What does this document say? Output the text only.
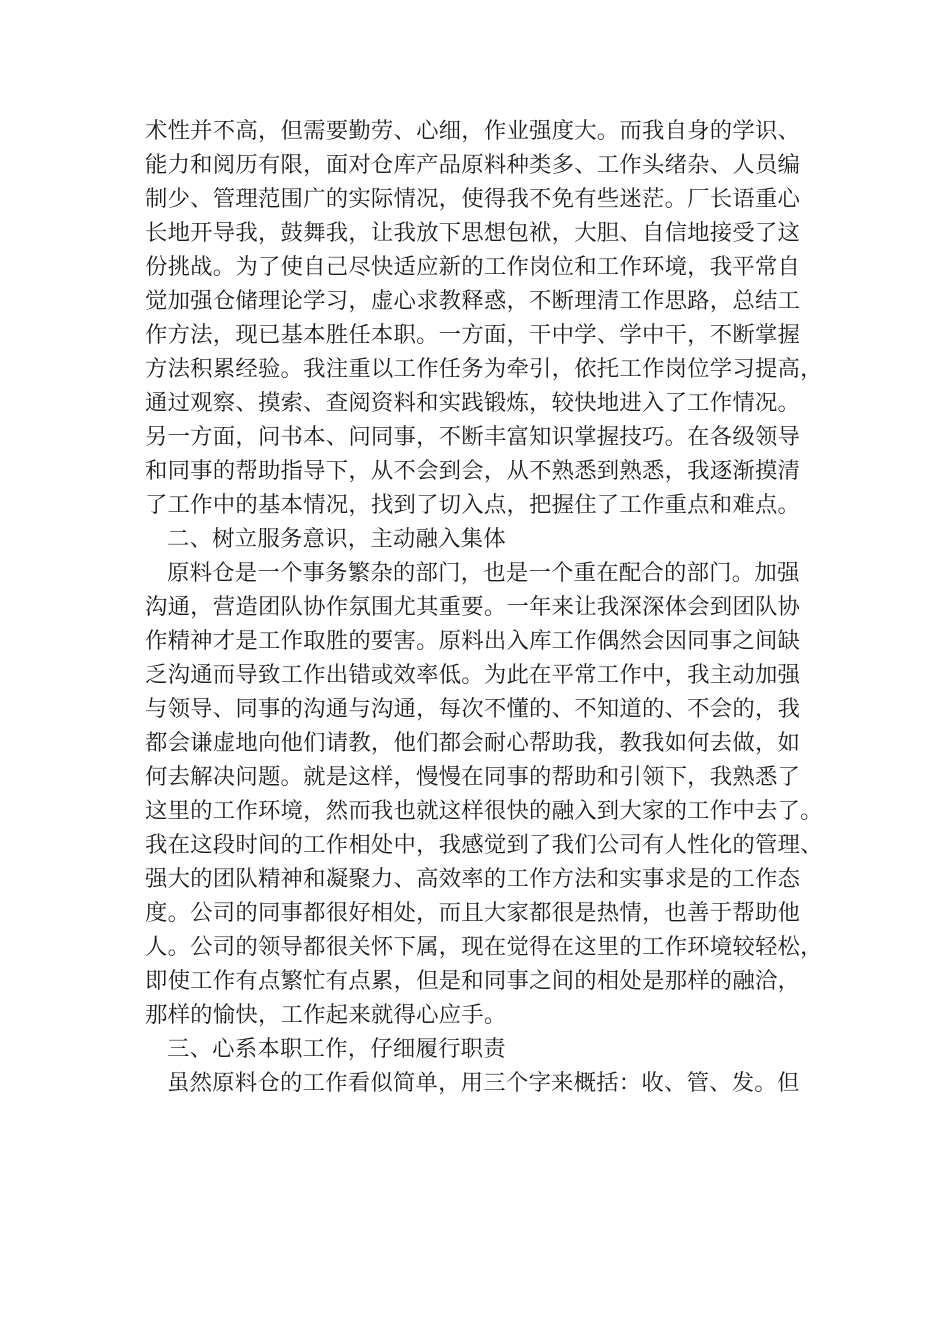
术性并不高，但需要勤劳、心细，作业强度大。而我自身的学识、
能力和阅历有限，面对仓库产品原料种类多、工作头绪杂、人员编
制少、管理范围广的实际情况，使得我不免有些迷茫。厂长语重心
长地开导我，鼓舞我，让我放下思想包袱，大胆、自信地接受了这
份挑战。为了使自己尽快适应新的工作岗位和工作环境，我平常自
觉加强仓储理论学习，虚心求教释惑，不断理清工作思路，总结工
作方法，现已基本胜任本职。一方面，干中学、学中干，不断掌握
方法积累经验。我注重以工作任务为牵引，依托工作岗位学习提高，
通过观察、摸索、查阅资料和实践锻炼，较快地进入了工作情况。
另一方面，问书本、问同事，不断丰富知识掌握技巧。在各级领导
和同事的帮助指导下，从不会到会，从不熟悉到熟悉，我逐渐摸清
了工作中的基本情况，找到了切入点，把握住了工作重点和难点。
二、树立服务意识，主动融入集体
原料仓是一个事务繁杂的部门，也是一个重在配合的部门。加强
沟通，营造团队协作氛围尤其重要。一年来让我深深体会到团队协
作精神才是工作取胜的要害。原料出入库工作偶然会因同事之间缺
乏沟通而导致工作出错或效率低。为此在平常工作中，我主动加强
与领导、同事的沟通与沟通，每次不懂的、不知道的、不会的，我
都会谦虚地向他们请教，他们都会耐心帮助我，教我如何去做，如
何去解决问题。就是这样，慢慢在同事的帮助和引领下，我熟悉了
这里的工作环境，然而我也就这样很快的融入到大家的工作中去了。
我在这段时间的工作相处中，我感觉到了我们公司有人性化的管理、
强大的团队精神和凝聚力、高效率的工作方法和实事求是的工作态
度。公司的同事都很好相处，而且大家都很是热情，也善于帮助他
人。公司的领导都很关怀下属，现在觉得在这里的工作环境较轻松，
即使工作有点繁忙有点累，但是和同事之间的相处是那样的融洽，
那样的愉快，工作起来就得心应手。
三、心系本职工作，仔细履行职责
虽然原料仓的工作看似简单，用三个字来概括：收、管、发。但
